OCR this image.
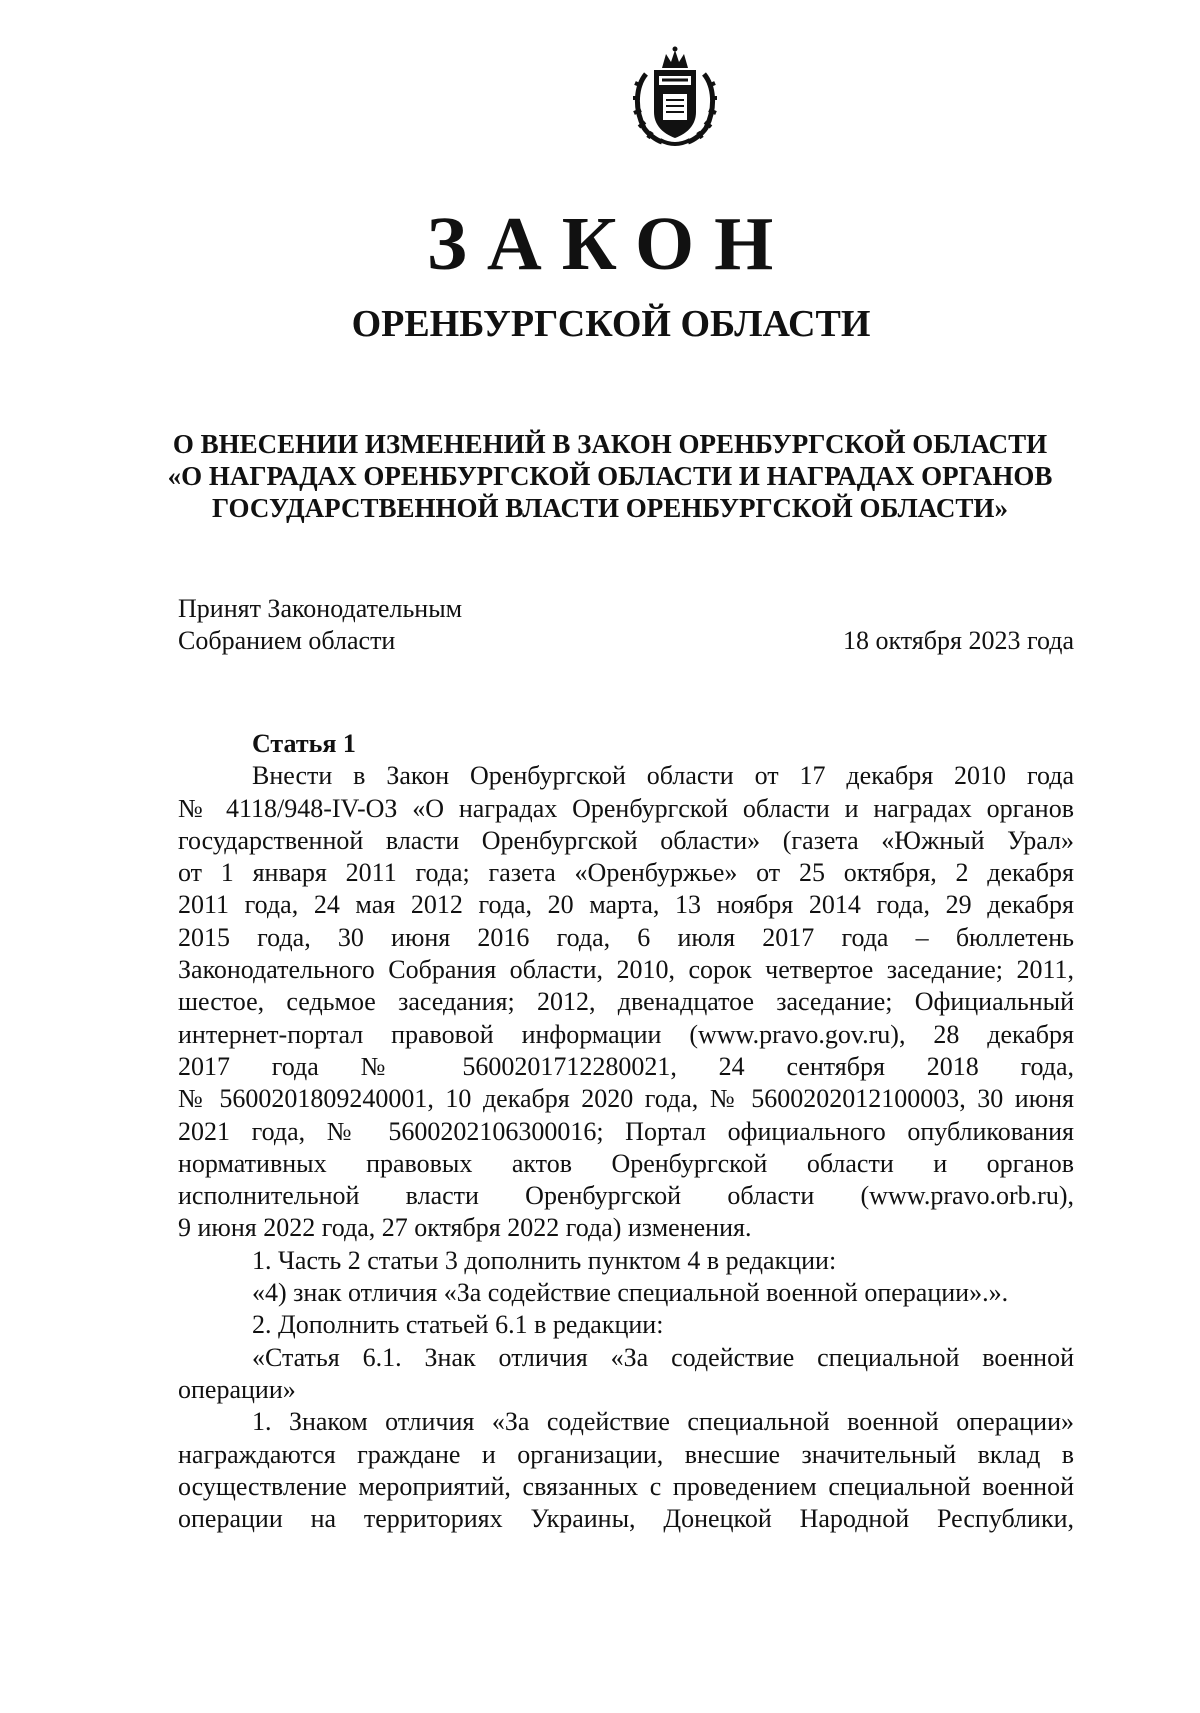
ЗАКОН
ОРЕНБУРГСКОЙ ОБЛАСТИ
О ВНЕСЕНИИ ИЗМЕНЕНИЙ В ЗАКОН ОРЕНБУРГСКОЙ ОБЛАСТИ
«О НАГРАДАХ ОРЕНБУРГСКОЙ ОБЛАСТИ И НАГРАДАХ ОРГАНОВ
ГОСУДАРСТВЕННОЙ ВЛАСТИ ОРЕНБУРГСКОЙ ОБЛАСТИ»
Принят Законодательным
Собранием области	18 октября 2023 года
Статья 1
Внести в Закон Оренбургской области от 17 декабря 2010 года
№ 4118/948-IV-ОЗ «О наградах Оренбургской области и наградах органов
государственной власти Оренбургской области» (газета «Южный Урал»
от 1 января 2011 года; газета «Оренбуржье» от 25 октября, 2 декабря
2011 года, 24 мая 2012 года, 20 марта, 13 ноября 2014 года, 29 декабря
2015 года, 30 июня 2016 года, 6 июля 2017 года – бюллетень
Законодательного Собрания области, 2010, сорок четвертое заседание; 2011,
шестое, седьмое заседания; 2012, двенадцатое заседание; Официальный
интернет-портал правовой информации (www.pravo.gov.ru), 28 декабря
2017 года № 5600201712280021, 24 сентября 2018 года,
№ 5600201809240001, 10 декабря 2020 года, № 5600202012100003, 30 июня
2021 года, № 5600202106300016; Портал официального опубликования
нормативных правовых актов Оренбургской области и органов
исполнительной власти Оренбургской области (www.pravo.orb.ru),
9 июня 2022 года, 27 октября 2022 года) изменения.
1. Часть 2 статьи 3 дополнить пунктом 4 в редакции:
«4) знак отличия «За содействие специальной военной операции».».
2. Дополнить статьей 6.1 в редакции:
«Статья 6.1. Знак отличия «За содействие специальной военной
операции»
1. Знаком отличия «За содействие специальной военной операции»
награждаются граждане и организации, внесшие значительный вклад в
осуществление мероприятий, связанных с проведением специальной военной
операции на территориях Украины, Донецкой Народной Республики,
